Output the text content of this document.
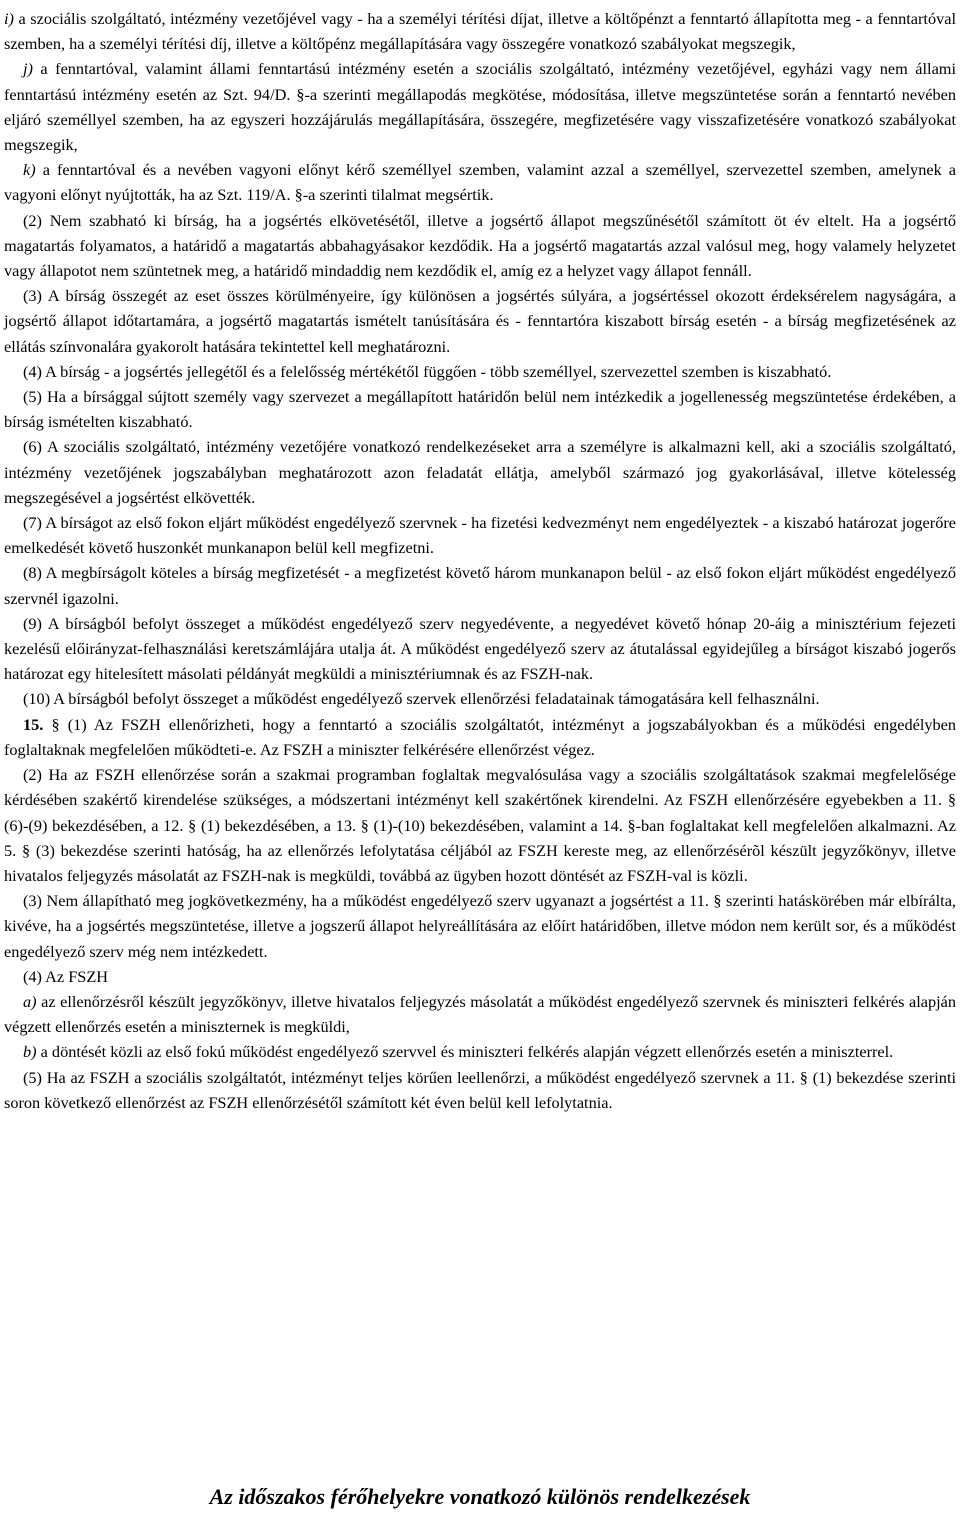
i) a szociális szolgáltató, intézmény vezetőjével vagy - ha a személyi térítési díjat, illetve a költőpénzt a fenntartó állapította meg - a fenntartóval szemben, ha a személyi térítési díj, illetve a költőpénz megállapítására vagy összegére vonatkozó szabályokat megszegik,

j) a fenntartóval, valamint állami fenntartású intézmény esetén a szociális szolgáltató, intézmény vezetőjével, egyházi vagy nem állami fenntartású intézmény esetén az Szt. 94/D. §-a szerinti megállapodás megkötése, módosítása, illetve megszüntetése során a fenntartó nevében eljáró személlyel szemben, ha az egyszeri hozzájárulás megállapítására, összegére, megfizetésére vagy visszafizetésére vonatkozó szabályokat megszegik,

k) a fenntartóval és a nevében vagyoni előnyt kérő személlyel szemben, valamint azzal a személlyel, szervezettel szemben, amelynek a vagyoni előnyt nyújtották, ha az Szt. 119/A. §-a szerinti tilalmat megsértik.

(2) Nem szabható ki bírság, ha a jogsértés elkövetésétől, illetve a jogsértő állapot megszűnésétől számított öt év eltelt. Ha a jogsértő magatartás folyamatos, a határidő a magatartás abbahagyásakor kezdődik. Ha a jogsértő magatartás azzal valósul meg, hogy valamely helyzetet vagy állapotot nem szüntetnek meg, a határidő mindaddig nem kezdődik el, amíg ez a helyzet vagy állapot fennáll.

(3) A bírság összegét az eset összes körülményeire, így különösen a jogsértés súlyára, a jogsértéssel okozott érdeksérelem nagyságára, a jogsértő állapot időtartamára, a jogsértő magatartás ismételt tanúsítására és - fenntartóra kiszabott bírság esetén - a bírság megfizetésének az ellátás színvonalára gyakorolt hatására tekintettel kell meghatározni.

(4) A bírság - a jogsértés jellegétől és a felelősség mértékétől függően - több személlyel, szervezettel szemben is kiszabható.

(5) Ha a bírsággal sújtott személy vagy szervezet a megállapított határidőn belül nem intézkedik a jogellenesség megszüntetése érdekében, a bírság ismételten kiszabható.

(6) A szociális szolgáltató, intézmény vezetőjére vonatkozó rendelkezéseket arra a személyre is alkalmazni kell, aki a szociális szolgáltató, intézmény vezetőjének jogszabályban meghatározott azon feladatát ellátja, amelyből származó jog gyakorlásával, illetve kötelesség megszegésével a jogsértést elkövették.

(7) A bírságot az első fokon eljárt működést engedélyező szervnek - ha fizetési kedvezményt nem engedélyeztek - a kiszabó határozat jogerőre emelkedését követő huszonkét munkanapon belül kell megfizetni.

(8) A megbírságolt köteles a bírság megfizetését - a megfizetést követő három munkanapon belül - az első fokon eljárt működést engedélyező szervnél igazolni.

(9) A bírságból befolyt összeget a működést engedélyező szerv negyedévente, a negyedévet követő hónap 20-áig a minisztérium fejezeti kezelésű előirányzat-felhasználási keretszámlájára utalja át. A működést engedélyező szerv az átutalással egyidejűleg a bírságot kiszabó jogerős határozat egy hitelesített másolati példányát megküldi a minisztériumnak és az FSZH-nak.

(10) A bírságból befolyt összeget a működést engedélyező szervek ellenőrzési feladatainak támogatására kell felhasználni.

15. § (1) Az FSZH ellenőrizheti, hogy a fenntartó a szociális szolgáltatót, intézményt a jogszabályokban és a működési engedélyben foglaltaknak megfelelően működteti-e. Az FSZH a miniszter felkérésére ellenőrzést végez.

(2) Ha az FSZH ellenőrzése során a szakmai programban foglaltak megvalósulása vagy a szociális szolgáltatások szakmai megfelelősége kérdésében szakértő kirendelése szükséges, a módszertani intézményt kell szakértőnek kirendelni. Az FSZH ellenőrzésére egyebekben a 11. § (6)-(9) bekezdésében, a 12. § (1) bekezdésében, a 13. § (1)-(10) bekezdésében, valamint a 14. §-ban foglaltakat kell megfelelően alkalmazni. Az 5. § (3) bekezdése szerinti hatóság, ha az ellenőrzés lefolytatása céljából az FSZH kereste meg, az ellenőrzésérõl készült jegyzőkönyv, illetve hivatalos feljegyzés másolatát az FSZH-nak is megküldi, továbbá az ügyben hozott döntését az FSZH-val is közli.

(3) Nem állapítható meg jogkövetkezmény, ha a működést engedélyező szerv ugyanazt a jogsértést a 11. § szerinti hatáskörében már elbírálta, kivéve, ha a jogsértés megszüntetése, illetve a jogszerű állapot helyreállítására az előírt határidőben, illetve módon nem került sor, és a működést engedélyező szerv még nem intézkedett.

(4) Az FSZH

a) az ellenőrzésről készült jegyzőkönyv, illetve hivatalos feljegyzés másolatát a működést engedélyező szervnek és miniszteri felkérés alapján végzett ellenőrzés esetén a miniszternek is megküldi,

b) a döntését közli az első fokú működést engedélyező szervvel és miniszteri felkérés alapján végzett ellenőrzés esetén a miniszterrel.

(5) Ha az FSZH a szociális szolgáltatót, intézményt teljes körűen leellenőrzi, a működést engedélyező szervnek a 11. § (1) bekezdése szerinti soron következő ellenőrzést az FSZH ellenőrzésétől számított két éven belül kell lefolytatnia.

Az időszakos férőhelyekre vonatkozó különös rendelkezések
